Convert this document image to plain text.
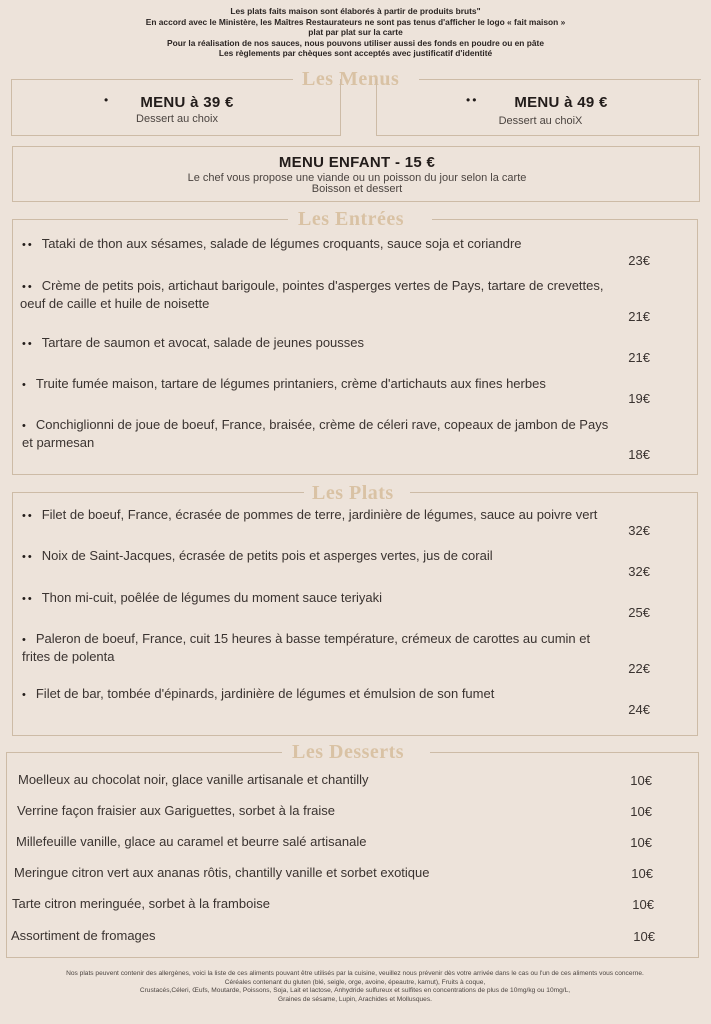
Les plats faits maison sont élaborés à partir de produits bruts"
En accord avec le Ministère, les Maîtres Restaurateurs ne sont pas tenus d'afficher le logo « fait maison »
plat par plat sur la carte
Pour la réalisation de nos sauces, nous pouvons utiliser aussi des fonds en poudre ou en pâte
Les règlements par chèques sont acceptés avec justificatif d'identité
Les Menus
•	MENU à 39 €
Dessert au choix
••	MENU à 49 €
Dessert au choiX
MENU ENFANT - 15 €
Le chef vous propose une viande ou un poisson du jour selon la carte
Boisson et dessert
Les Entrées
•• Tataki de thon aux sésames, salade de légumes croquants, sauce soja et coriandre
23€
•• Crème de petits pois, artichaut barigoule, pointes d'asperges vertes de Pays, tartare de crevettes,
oeuf de caille et huile de noisette
21€
•• Tartare de saumon et avocat, salade de jeunes pousses
21€
• Truite fumée maison, tartare de légumes printaniers, crème d'artichauts aux fines herbes
19€
• Conchiglionni de joue de boeuf, France, braisée, crème de céleri rave, copeaux de jambon de Pays
et parmesan
18€
Les Plats
•• Filet de boeuf, France, écrasée de pommes de terre, jardinière de légumes, sauce au poivre vert
32€
•• Noix de Saint-Jacques, écrasée de petits pois et asperges vertes, jus de corail
32€
•• Thon mi-cuit, poêlée de légumes du moment sauce teriyaki
25€
• Paleron de boeuf, France, cuit 15 heures à basse température, crémeux de carottes au cumin et
frites de polenta
22€
• Filet de bar, tombée d'épinards, jardinière de légumes et émulsion de son fumet
24€
Les Desserts
Moelleux au chocolat noir, glace vanille artisanale et chantilly	10€
Verrine façon fraisier aux Gariguettes, sorbet à la fraise	10€
Millefeuille vanille, glace au caramel et beurre salé artisanale	10€
Meringue citron vert aux ananas rôtis, chantilly vanille et sorbet exotique	10€
Tarte citron meringuée, sorbet à la framboise	10€
Assortiment de fromages	10€
Nos plats peuvent contenir des allergènes, voici la liste de ces aliments pouvant être utilisés par la cuisine, veuillez nous prévenir dès votre arrivée dans le cas ou l'un de ces aliments vous concerne.
Céréales contenant du gluten (blé, seigle, orge, avoine, épeautre, kamut), Fruits à coque,
Crustacés,Céleri, Œufs, Moutarde, Poissons, Soja, Lait et lactose, Anhydride sulfureux et sulfites en concentrations de plus de 10mg/kg ou 10mg/L,
Graines de sésame, Lupin, Arachides et Mollusques.
